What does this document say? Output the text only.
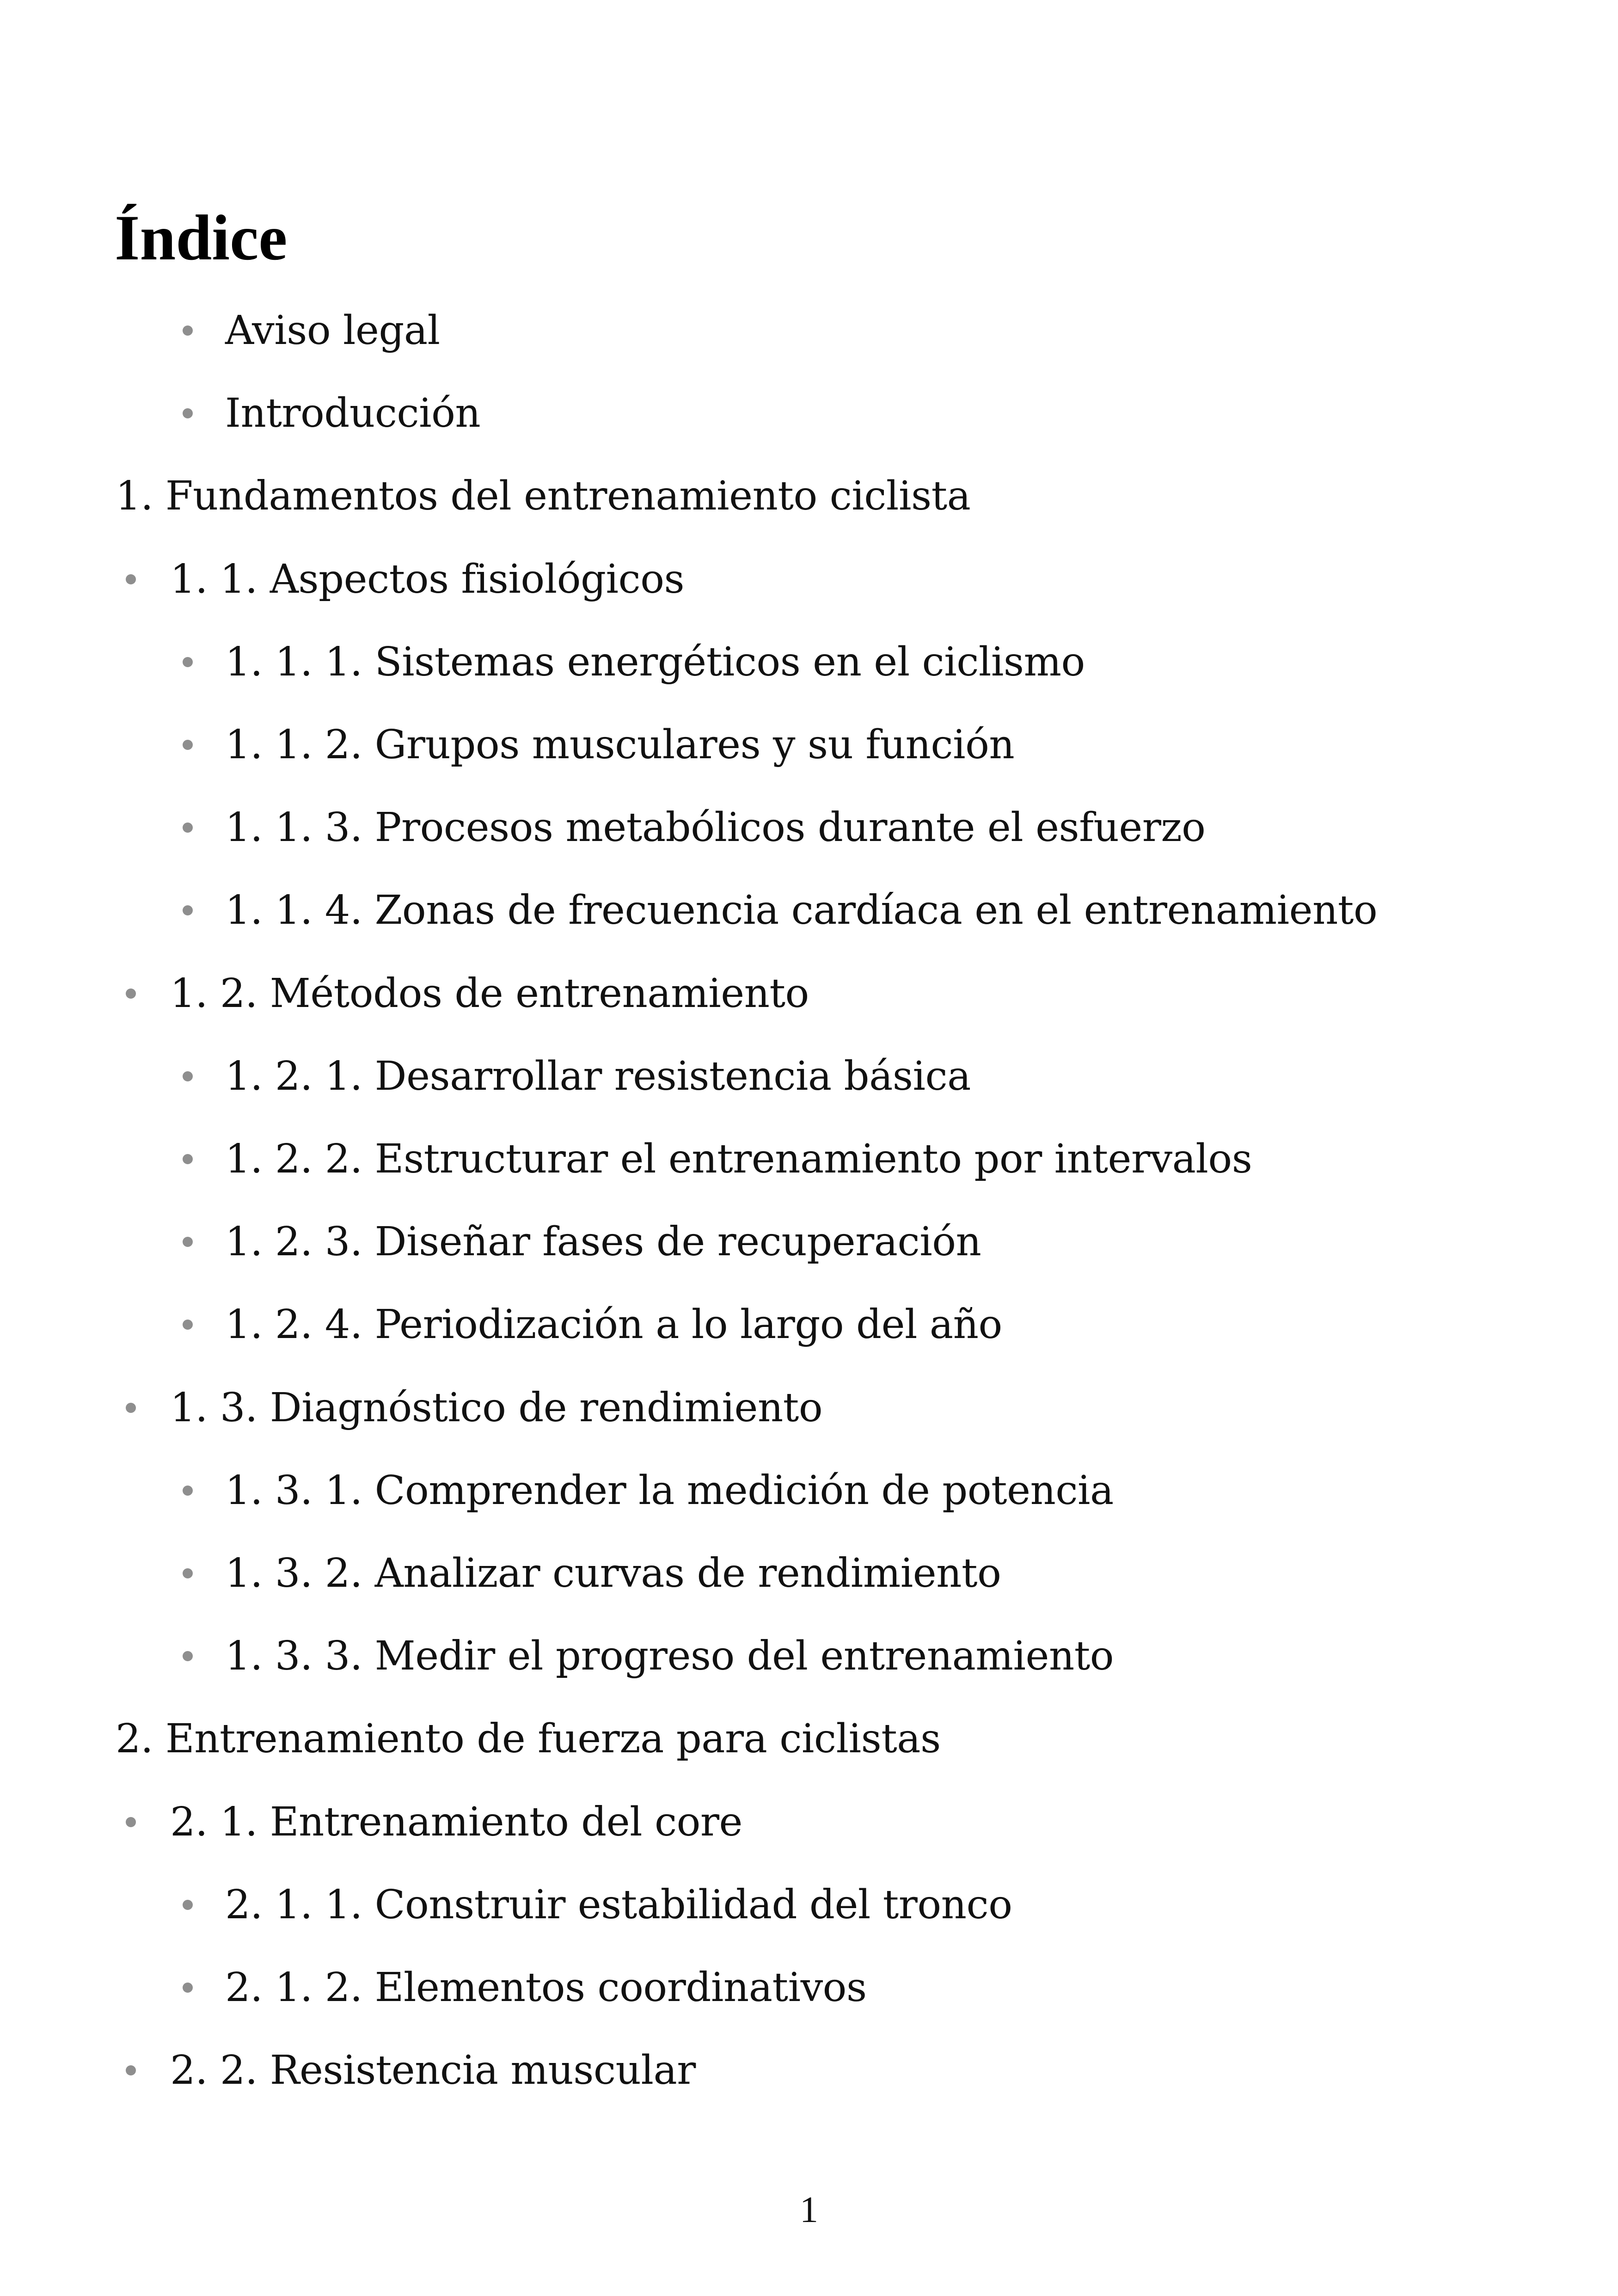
Índice
Aviso legal
Introducción
1. Fundamentos del entrenamiento ciclista
1. 1. Aspectos fisiológicos
1. 1. 1. Sistemas energéticos en el ciclismo
1. 1. 2. Grupos musculares y su función
1. 1. 3. Procesos metabólicos durante el esfuerzo
1. 1. 4. Zonas de frecuencia cardíaca en el entrenamiento
1. 2. Métodos de entrenamiento
1. 2. 1. Desarrollar resistencia básica
1. 2. 2. Estructurar el entrenamiento por intervalos
1. 2. 3. Diseñar fases de recuperación
1. 2. 4. Periodización a lo largo del año
1. 3. Diagnóstico de rendimiento
1. 3. 1. Comprender la medición de potencia
1. 3. 2. Analizar curvas de rendimiento
1. 3. 3. Medir el progreso del entrenamiento
2. Entrenamiento de fuerza para ciclistas
2. 1. Entrenamiento del core
2. 1. 1. Construir estabilidad del tronco
2. 1. 2. Elementos coordinativos
2. 2. Resistencia muscular
1
